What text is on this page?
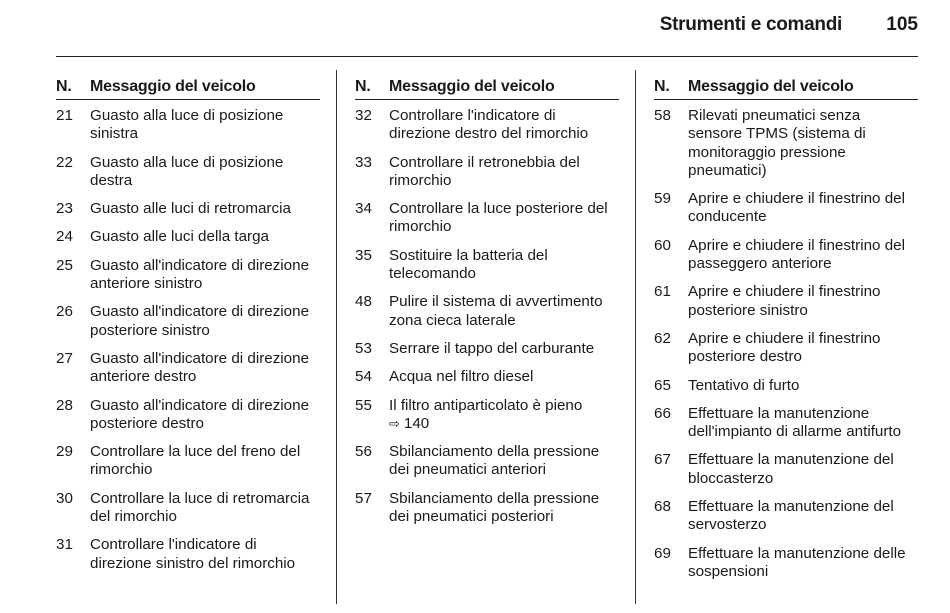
Strumenti e comandi 105
N.	Messaggio del veicolo
21	Guasto alla luce di posizione sinistra
22	Guasto alla luce di posizione destra
23	Guasto alle luci di retromarcia
24	Guasto alle luci della targa
25	Guasto all'indicatore di direzione anteriore sinistro
26	Guasto all'indicatore di direzione posteriore sinistro
27	Guasto all'indicatore di direzione anteriore destro
28	Guasto all'indicatore di direzione posteriore destro
29	Controllare la luce del freno del rimorchio
30	Controllare la luce di retromarcia del rimorchio
31	Controllare l'indicatore di direzione sinistro del rimorchio
N.	Messaggio del veicolo
32	Controllare l'indicatore di direzione destro del rimorchio
33	Controllare il retronebbia del rimorchio
34	Controllare la luce posteriore del rimorchio
35	Sostituire la batteria del telecomando
48	Pulire il sistema di avvertimento zona cieca laterale
53	Serrare il tappo del carburante
54	Acqua nel filtro diesel
55	Il filtro antiparticolato è pieno
⇨ 140
56	Sbilanciamento della pressione dei pneumatici anteriori
57	Sbilanciamento della pressione dei pneumatici posteriori
N.	Messaggio del veicolo
58	Rilevati pneumatici senza sensore TPMS (sistema di monitoraggio pressione pneumatici)
59	Aprire e chiudere il finestrino del conducente
60	Aprire e chiudere il finestrino del passeggero anteriore
61	Aprire e chiudere il finestrino posteriore sinistro
62	Aprire e chiudere il finestrino posteriore destro
65	Tentativo di furto
66	Effettuare la manutenzione dell'impianto di allarme antifurto
67	Effettuare la manutenzione del bloccasterzo
68	Effettuare la manutenzione del servosterzo
69	Effettuare la manutenzione delle sospensioni
